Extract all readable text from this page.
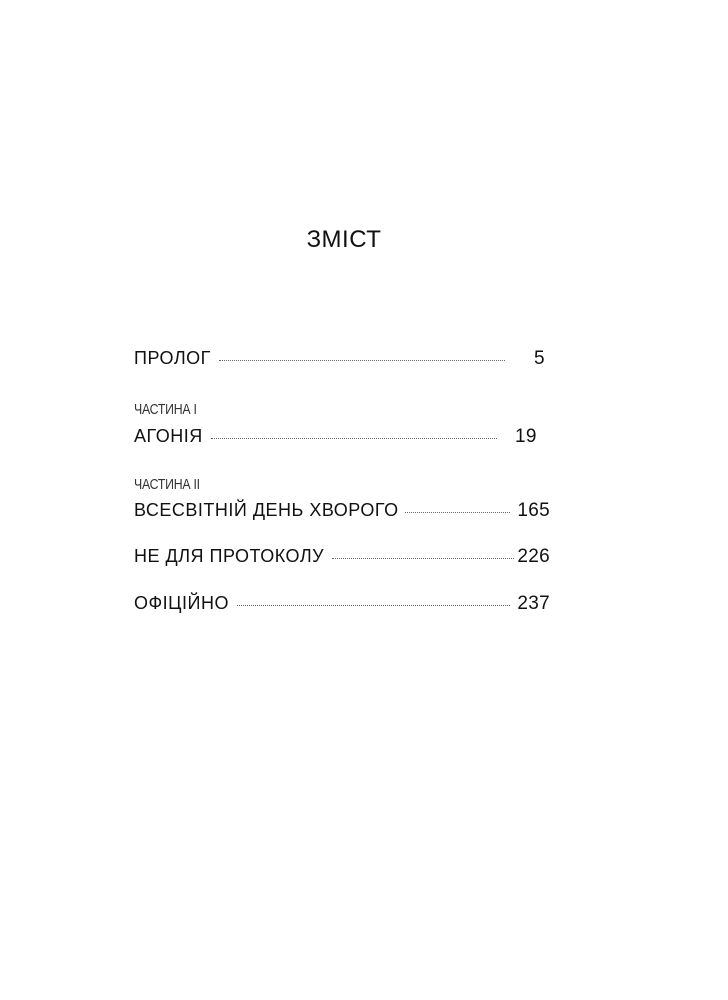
ЗМІСТ
ПРОЛОГ	5
ЧАСТИНА І
АГОНІЯ	19
ЧАСТИНА ІІ
ВСЕСВІТНІЙ ДЕНЬ ХВОРОГО	165
НЕ ДЛЯ ПРОТОКОЛУ	226
ОФІЦІЙНО	237
